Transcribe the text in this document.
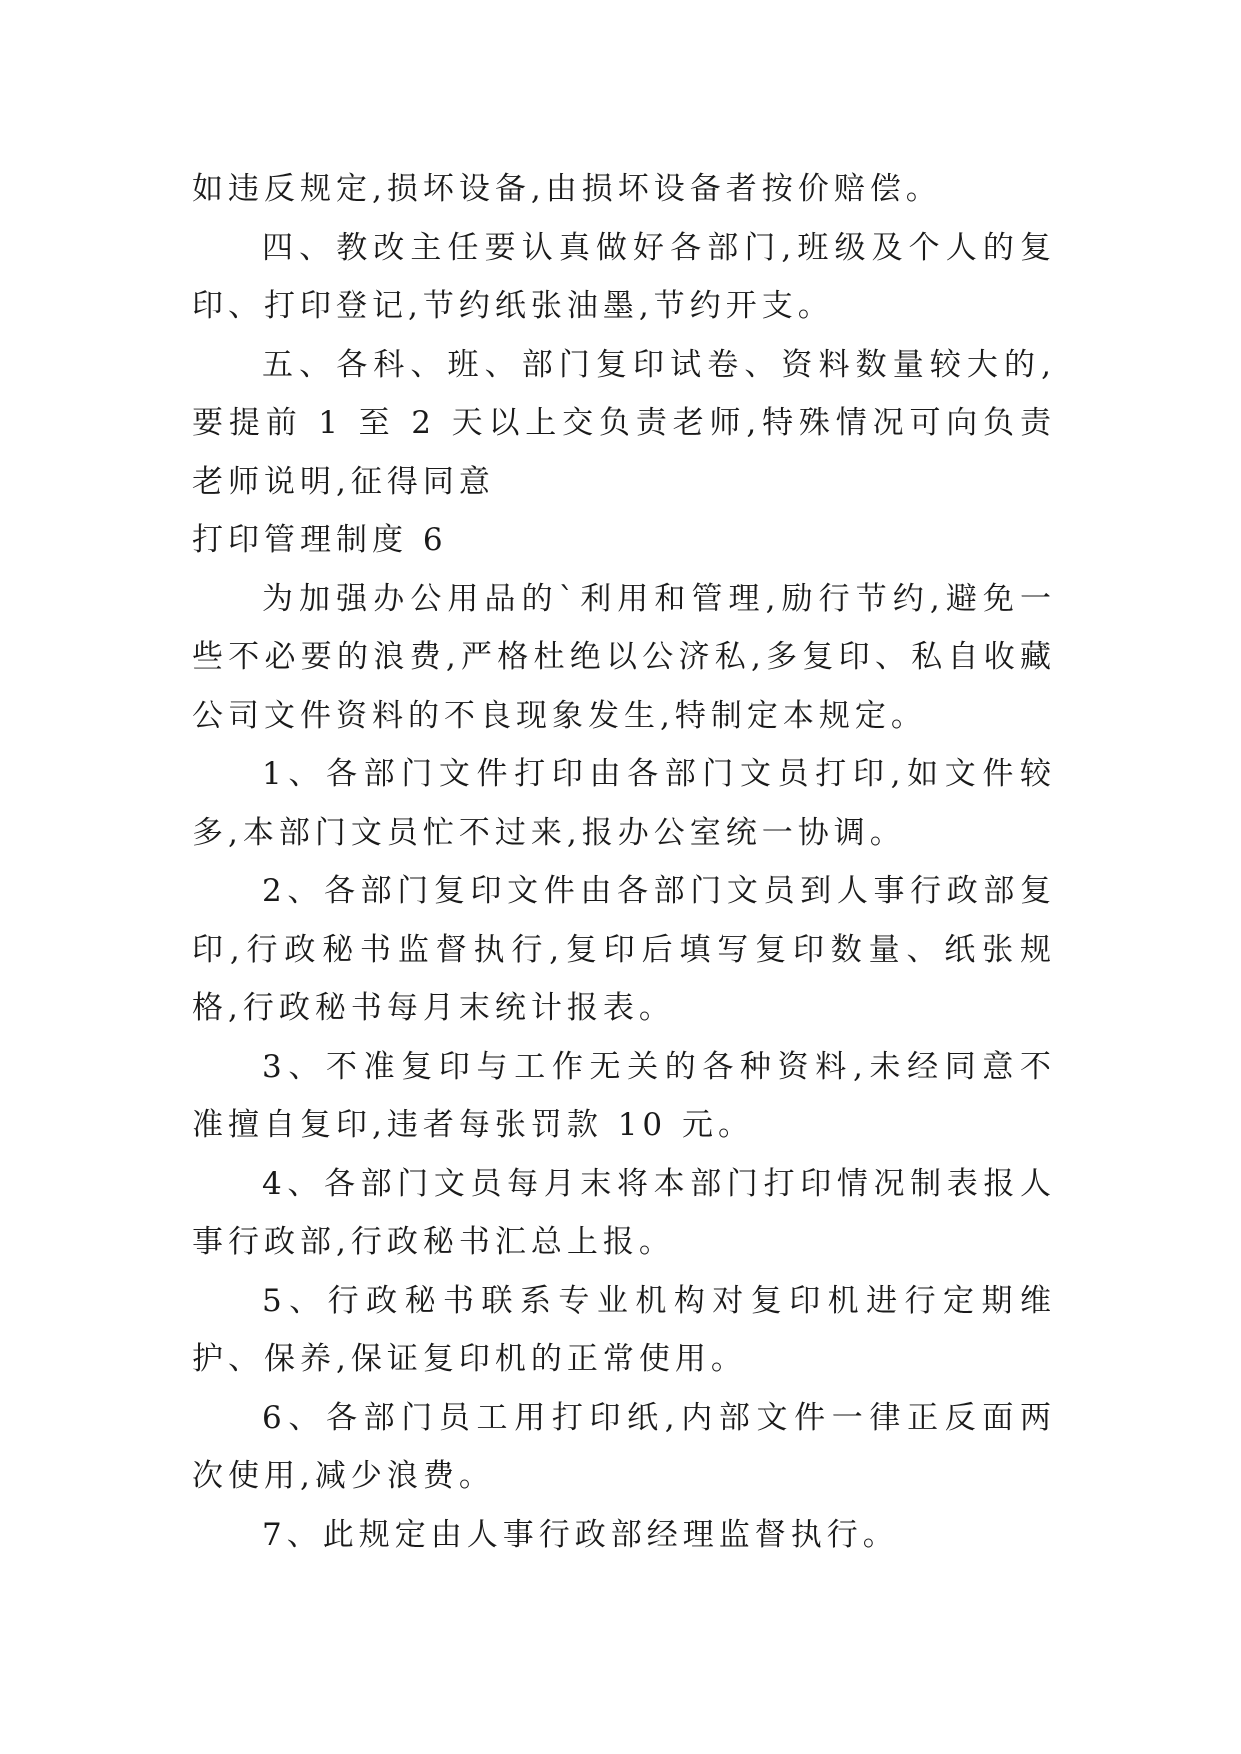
如违反规定,损坏设备,由损坏设备者按价赔偿。

四、教改主任要认真做好各部门,班级及个人的复印、打印登记,节约纸张油墨,节约开支。

五、各科、班、部门复印试卷、资料数量较大的,要提前 1 至 2 天以上交负责老师,特殊情况可向负责老师说明,征得同意

打印管理制度 6

为加强办公用品的`利用和管理,励行节约,避免一些不必要的浪费,严格杜绝以公济私,多复印、私自收藏公司文件资料的不良现象发生,特制定本规定。

1、各部门文件打印由各部门文员打印,如文件较多,本部门文员忙不过来,报办公室统一协调。

2、各部门复印文件由各部门文员到人事行政部复印,行政秘书监督执行,复印后填写复印数量、纸张规格,行政秘书每月末统计报表。

3、不准复印与工作无关的各种资料,未经同意不准擅自复印,违者每张罚款 10 元。

4、各部门文员每月末将本部门打印情况制表报人事行政部,行政秘书汇总上报。

5、行政秘书联系专业机构对复印机进行定期维护、保养,保证复印机的正常使用。

6、各部门员工用打印纸,内部文件一律正反面两次使用,减少浪费。

7、此规定由人事行政部经理监督执行。
